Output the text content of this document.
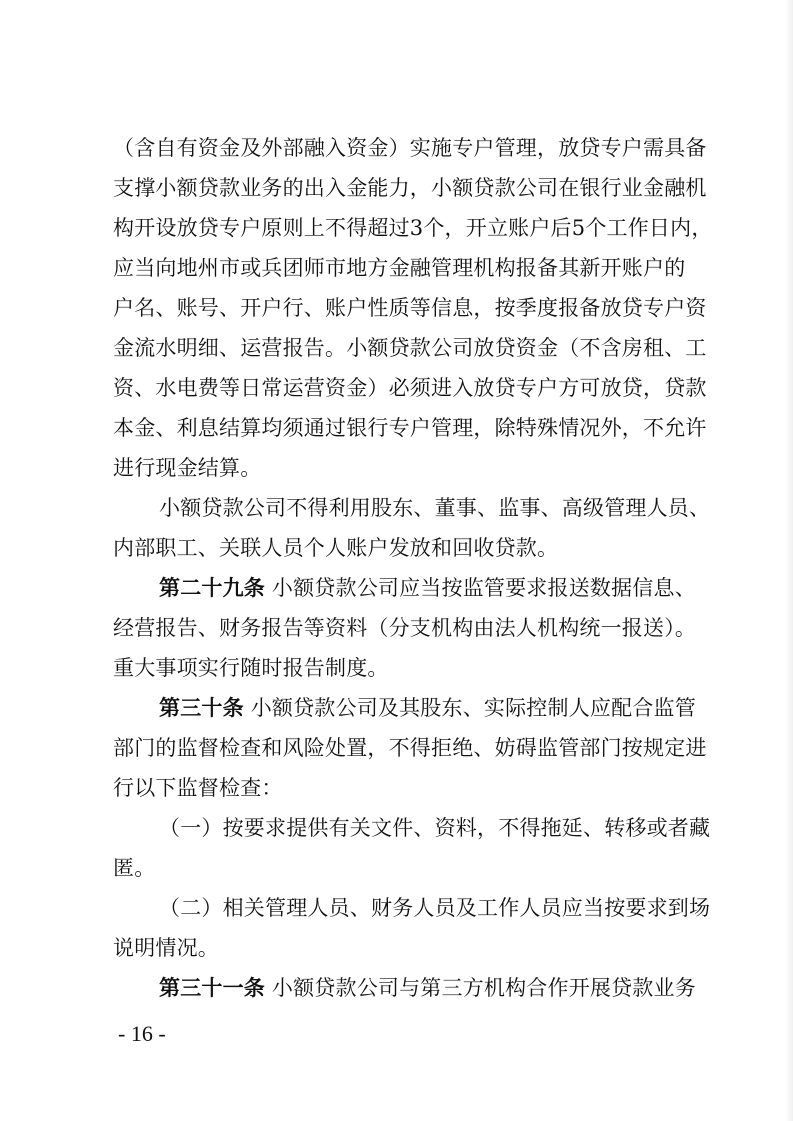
（含自有资金及外部融入资金）实施专户管理，放贷专户需具备
支撑小额贷款业务的出入金能力，小额贷款公司在银行业金融机
构开设放贷专户原则上不得超过3个，开立账户后5个工作日内，
应当向地州市或兵团师市地方金融管理机构报备其新开账户的
户名、账号、开户行、账户性质等信息，按季度报备放贷专户资
金流水明细、运营报告。小额贷款公司放贷资金（不含房租、工
资、水电费等日常运营资金）必须进入放贷专户方可放贷，贷款
本金、利息结算均须通过银行专户管理，除特殊情况外，不允许
进行现金结算。
小额贷款公司不得利用股东、董事、监事、高级管理人员、
内部职工、关联人员个人账户发放和回收贷款。
第二十九条 小额贷款公司应当按监管要求报送数据信息、
经营报告、财务报告等资料（分支机构由法人机构统一报送）。
重大事项实行随时报告制度。
第三十条 小额贷款公司及其股东、实际控制人应配合监管
部门的监督检查和风险处置，不得拒绝、妨碍监管部门按规定进
行以下监督检查：
（一）按要求提供有关文件、资料，不得拖延、转移或者藏
匿。
（二）相关管理人员、财务人员及工作人员应当按要求到场
说明情况。
第三十一条 小额贷款公司与第三方机构合作开展贷款业务
- 16 -
